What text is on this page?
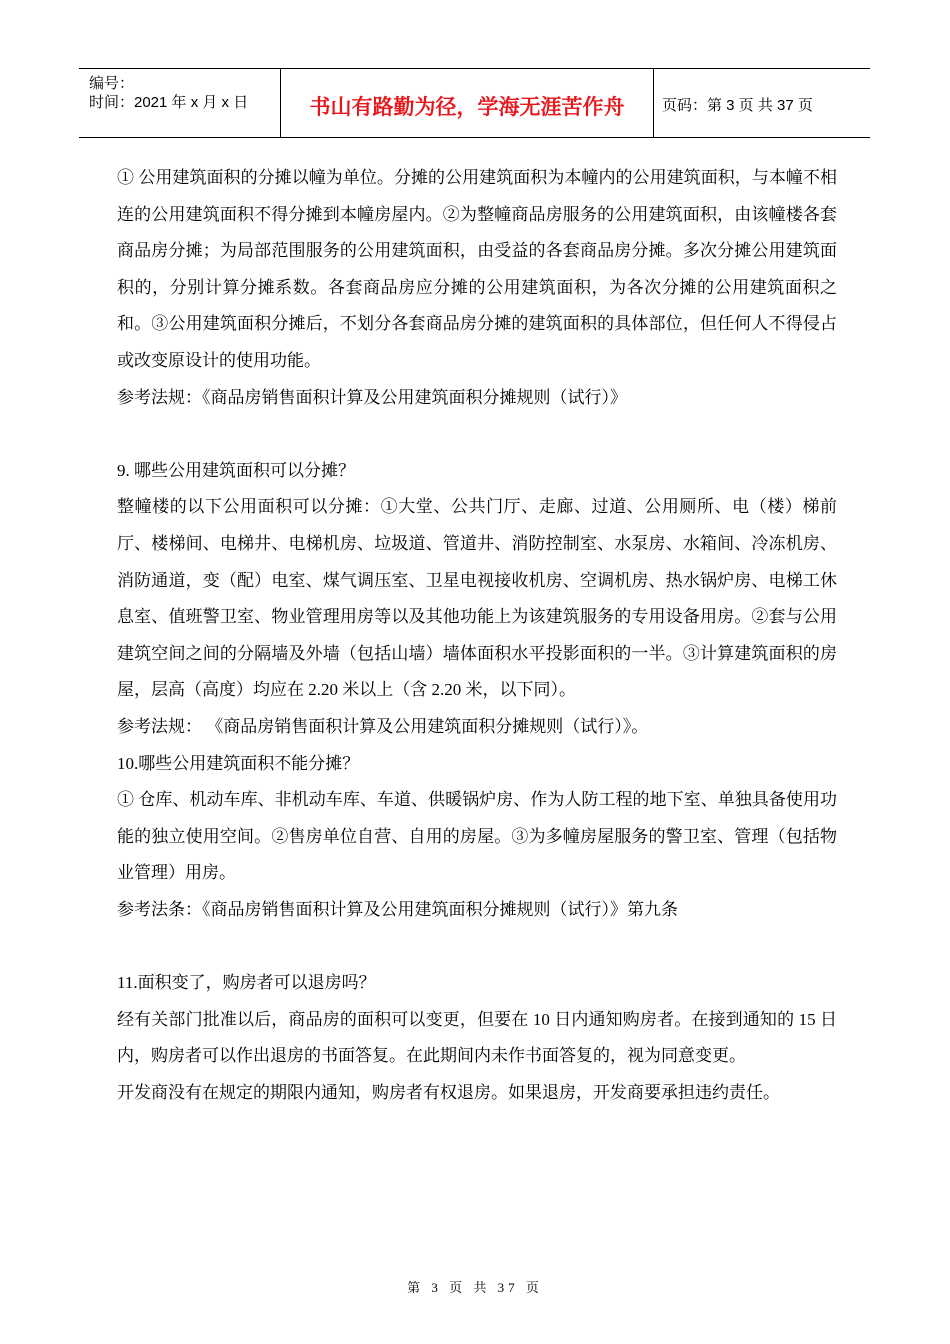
编号：
时间：2021 年 x 月 x 日	书山有路勤为径，学海无涯苦作舟	页码：第 3 页 共 37 页

① 公用建筑面积的分摊以幢为单位。分摊的公用建筑面积为本幢内的公用建筑面积，与本幢不相连的公用建筑面积不得分摊到本幢房屋内。②为整幢商品房服务的公用建筑面积，由该幢楼各套商品房分摊；为局部范围服务的公用建筑面积，由受益的各套商品房分摊。多次分摊公用建筑面积的，分别计算分摊系数。各套商品房应分摊的公用建筑面积，为各次分摊的公用建筑面积之和。③公用建筑面积分摊后，不划分各套商品房分摊的建筑面积的具体部位，但任何人不得侵占或改变原设计的使用功能。

参考法规：《商品房销售面积计算及公用建筑面积分摊规则（试行）》

9. 哪些公用建筑面积可以分摊？

整幢楼的以下公用面积可以分摊：①大堂、公共门厅、走廊、过道、公用厕所、电（楼）梯前厅、楼梯间、电梯井、电梯机房、垃圾道、管道井、消防控制室、水泵房、水箱间、冷冻机房、消防通道，变（配）电室、煤气调压室、卫星电视接收机房、空调机房、热水锅炉房、电梯工休息室、值班警卫室、物业管理用房等以及其他功能上为该建筑服务的专用设备用房。②套与公用建筑空间之间的分隔墙及外墙（包括山墙）墙体面积水平投影面积的一半。③计算建筑面积的房屋，层高（高度）均应在 2.20 米以上（含 2.20 米，以下同）。

参考法规： 《商品房销售面积计算及公用建筑面积分摊规则（试行）》。

10.哪些公用建筑面积不能分摊？

① 仓库、机动车库、非机动车库、车道、供暖锅炉房、作为人防工程的地下室、单独具备使用功能的独立使用空间。②售房单位自营、自用的房屋。③为多幢房屋服务的警卫室、管理（包括物业管理）用房。

参考法条：《商品房销售面积计算及公用建筑面积分摊规则（试行）》第九条

11.面积变了，购房者可以退房吗？

经有关部门批准以后，商品房的面积可以变更，但要在 10 日内通知购房者。在接到通知的 15 日内，购房者可以作出退房的书面答复。在此期间内未作书面答复的，视为同意变更。

开发商没有在规定的期限内通知，购房者有权退房。如果退房，开发商要承担违约责任。

第 3 页 共 37 页
